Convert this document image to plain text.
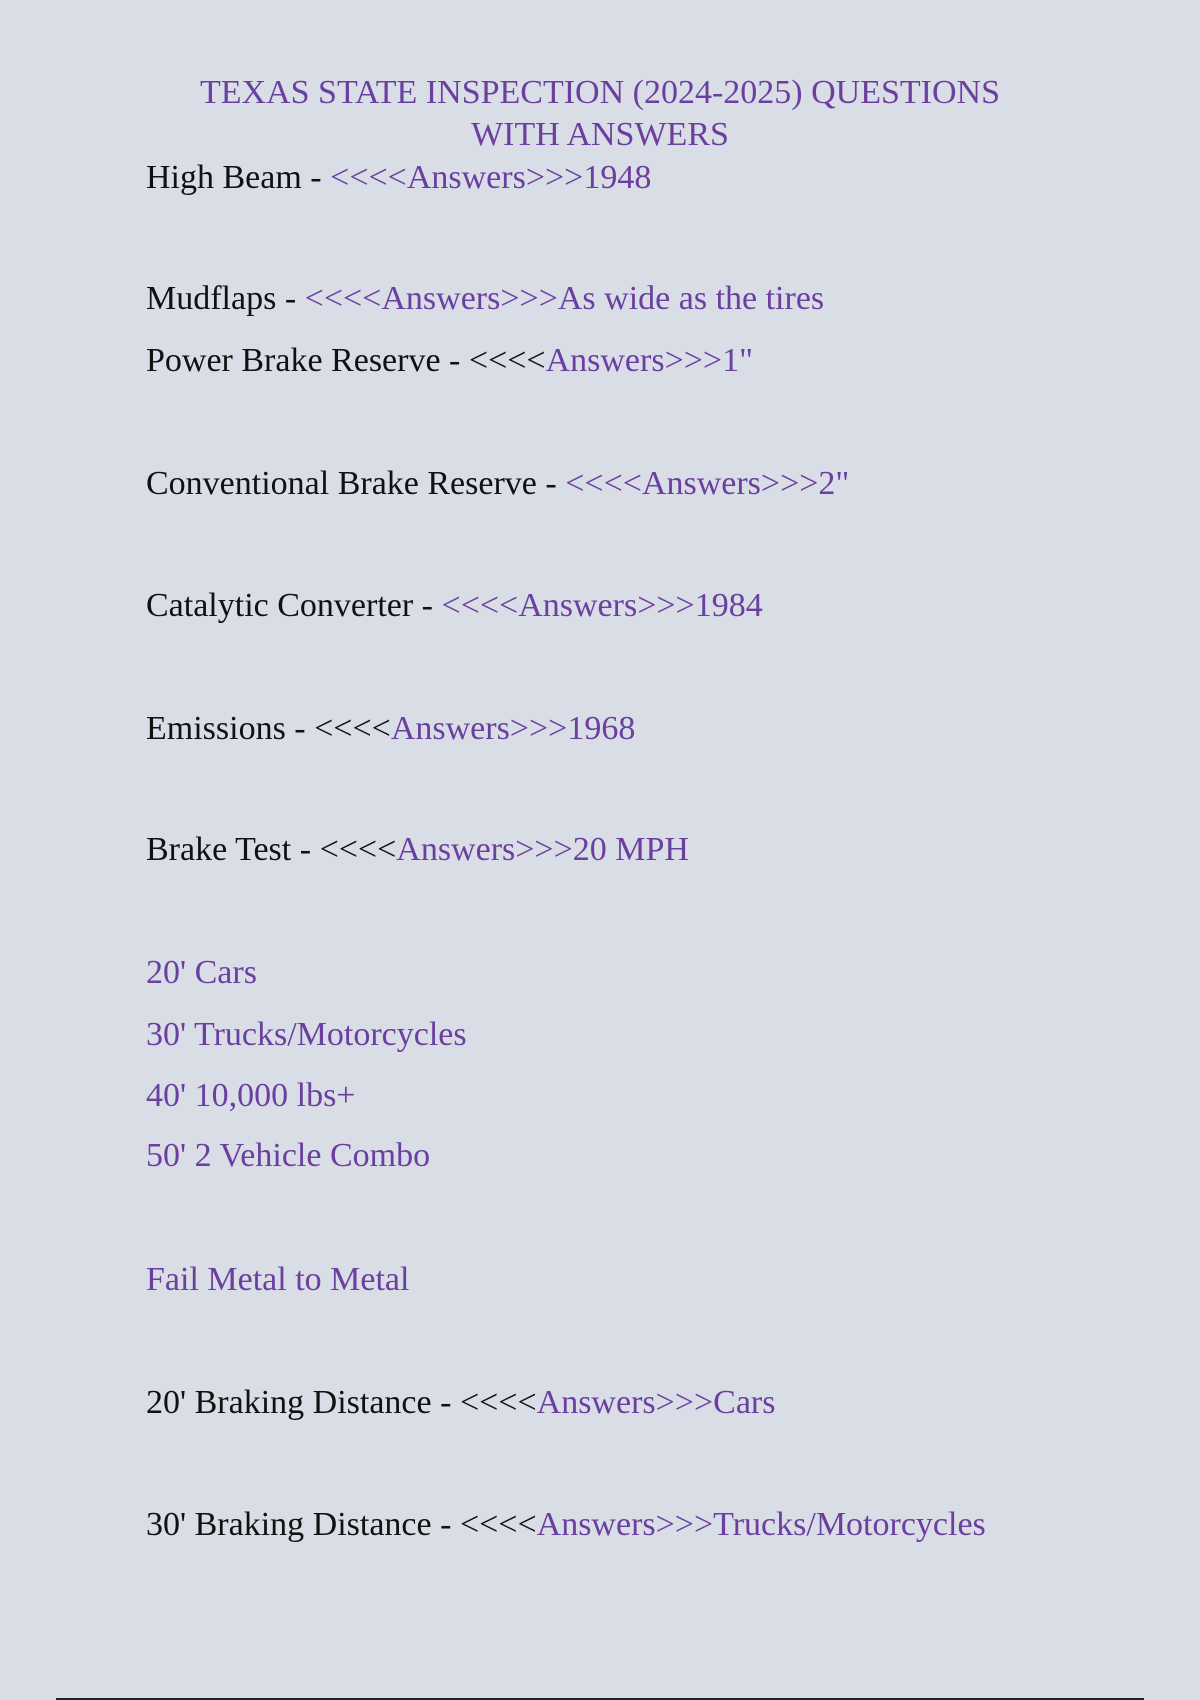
TEXAS STATE INSPECTION (2024-2025) QUESTIONS
WITH ANSWERS
High Beam - <<<<Answers>>>1948
Mudflaps - <<<<Answers>>>As wide as the tires
Power Brake Reserve - <<<<Answers>>>1"
Conventional Brake Reserve - <<<<Answers>>>2"
Catalytic Converter - <<<<Answers>>>1984
Emissions - <<<<Answers>>>1968
Brake Test - <<<<Answers>>>20 MPH
20' Cars
30' Trucks/Motorcycles
40' 10,000 lbs+
50' 2 Vehicle Combo
Fail Metal to Metal
20' Braking Distance - <<<<Answers>>>Cars
30' Braking Distance - <<<<Answers>>>Trucks/Motorcycles
